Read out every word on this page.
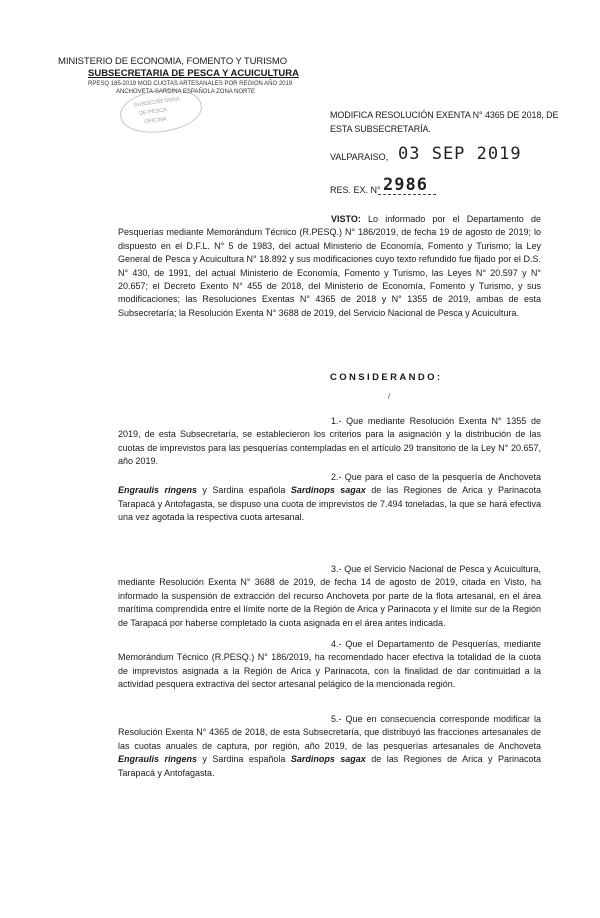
MINISTERIO DE ECONOMIA, FOMENTO Y TURISMO
SUBSECRETARIA DE PESCA Y ACUICULTURA
RPESQ 185-2019 MOD CUOTAS ARTESANALES POR REGION AÑO 2019
ANCHOVETA-SARDINA ESPAÑOLA ZONA NORTE
SUBSECRETARIA
DE PESCA
OFICINA
MODIFICA RESOLUCIÓN EXENTA N° 4365 DE 2018, DE ESTA SUBSECRETARÍA.
VALPARAISO, 03 SEP 2019
RES. EX. N° 2986

VISTO: Lo informado por el Departamento de Pesquerías mediante Memorándum Técnico (R.PESQ.) N° 186/2019, de fecha 19 de agosto de 2019; lo dispuesto en el D.F.L. N° 5 de 1983, del actual Ministerio de Economía, Fomento y Turismo; la Ley General de Pesca y Acuicultura N° 18.892 y sus modificaciones cuyo texto refundido fue fijado por el D.S. N° 430, de 1991, del actual Ministerio de Economía, Fomento y Turismo, las Leyes N° 20.597 y N° 20.657; el Decreto Exento N° 455 de 2018, del Ministerio de Economía, Fomento y Turismo, y sus modificaciones; las Resoluciones Exentas N° 4365 de 2018 y N° 1355 de 2019, ambas de esta Subsecretaría; la Resolución Exenta N° 3688 de 2019, del Servicio Nacional de Pesca y Acuicultura.

CONSIDERANDO:
/

1.- Que mediante Resolución Exenta N° 1355 de 2019, de esta Subsecretaría, se establecieron los criterios para la asignación y la distribución de las cuotas de imprevistos para las pesquerías contempladas en el artículo 29 transitorio de la Ley N° 20.657, año 2019.

2.- Que para el caso de la pesquería de Anchoveta Engraulis ringens y Sardina española Sardinops sagax de las Regiones de Arica y Parinacota Tarapacá y Antofagasta, se dispuso una cuota de imprevistos de 7.494 toneladas, la que se hará efectiva una vez agotada la respectiva cuota artesanal.

3.- Que el Servicio Nacional de Pesca y Acuicultura, mediante Resolución Exenta N° 3688 de 2019, de fecha 14 de agosto de 2019, citada en Visto, ha informado la suspensión de extracción del recurso Anchoveta por parte de la flota artesanal, en el área marítima comprendida entre el límite norte de la Región de Arica y Parinacota y el límite sur de la Región de Tarapacá por haberse completado la cuota asignada en el área antes indicada.

4.- Que el Departamento de Pesquerías, mediante Memorándum Técnico (R.PESQ.) N° 186/2019, ha recomendado hacer efectiva la totalidad de la cuota de imprevistos asignada a la Región de Arica y Parinacota, con la finalidad de dar continuidad a la actividad pesquera extractiva del sector artesanal pelágico de la mencionada región.

5.- Que en consecuencia corresponde modificar la Resolución Exenta N° 4365 de 2018, de esta Subsecretaría, que distribuyó las fracciones artesanales de las cuotas anuales de captura, por región, año 2019, de las pesquerías artesanales de Anchoveta Engraulis ringens y Sardina española Sardinops sagax de las Regiones de Arica y Parinacota Tarapacá y Antofagasta.
